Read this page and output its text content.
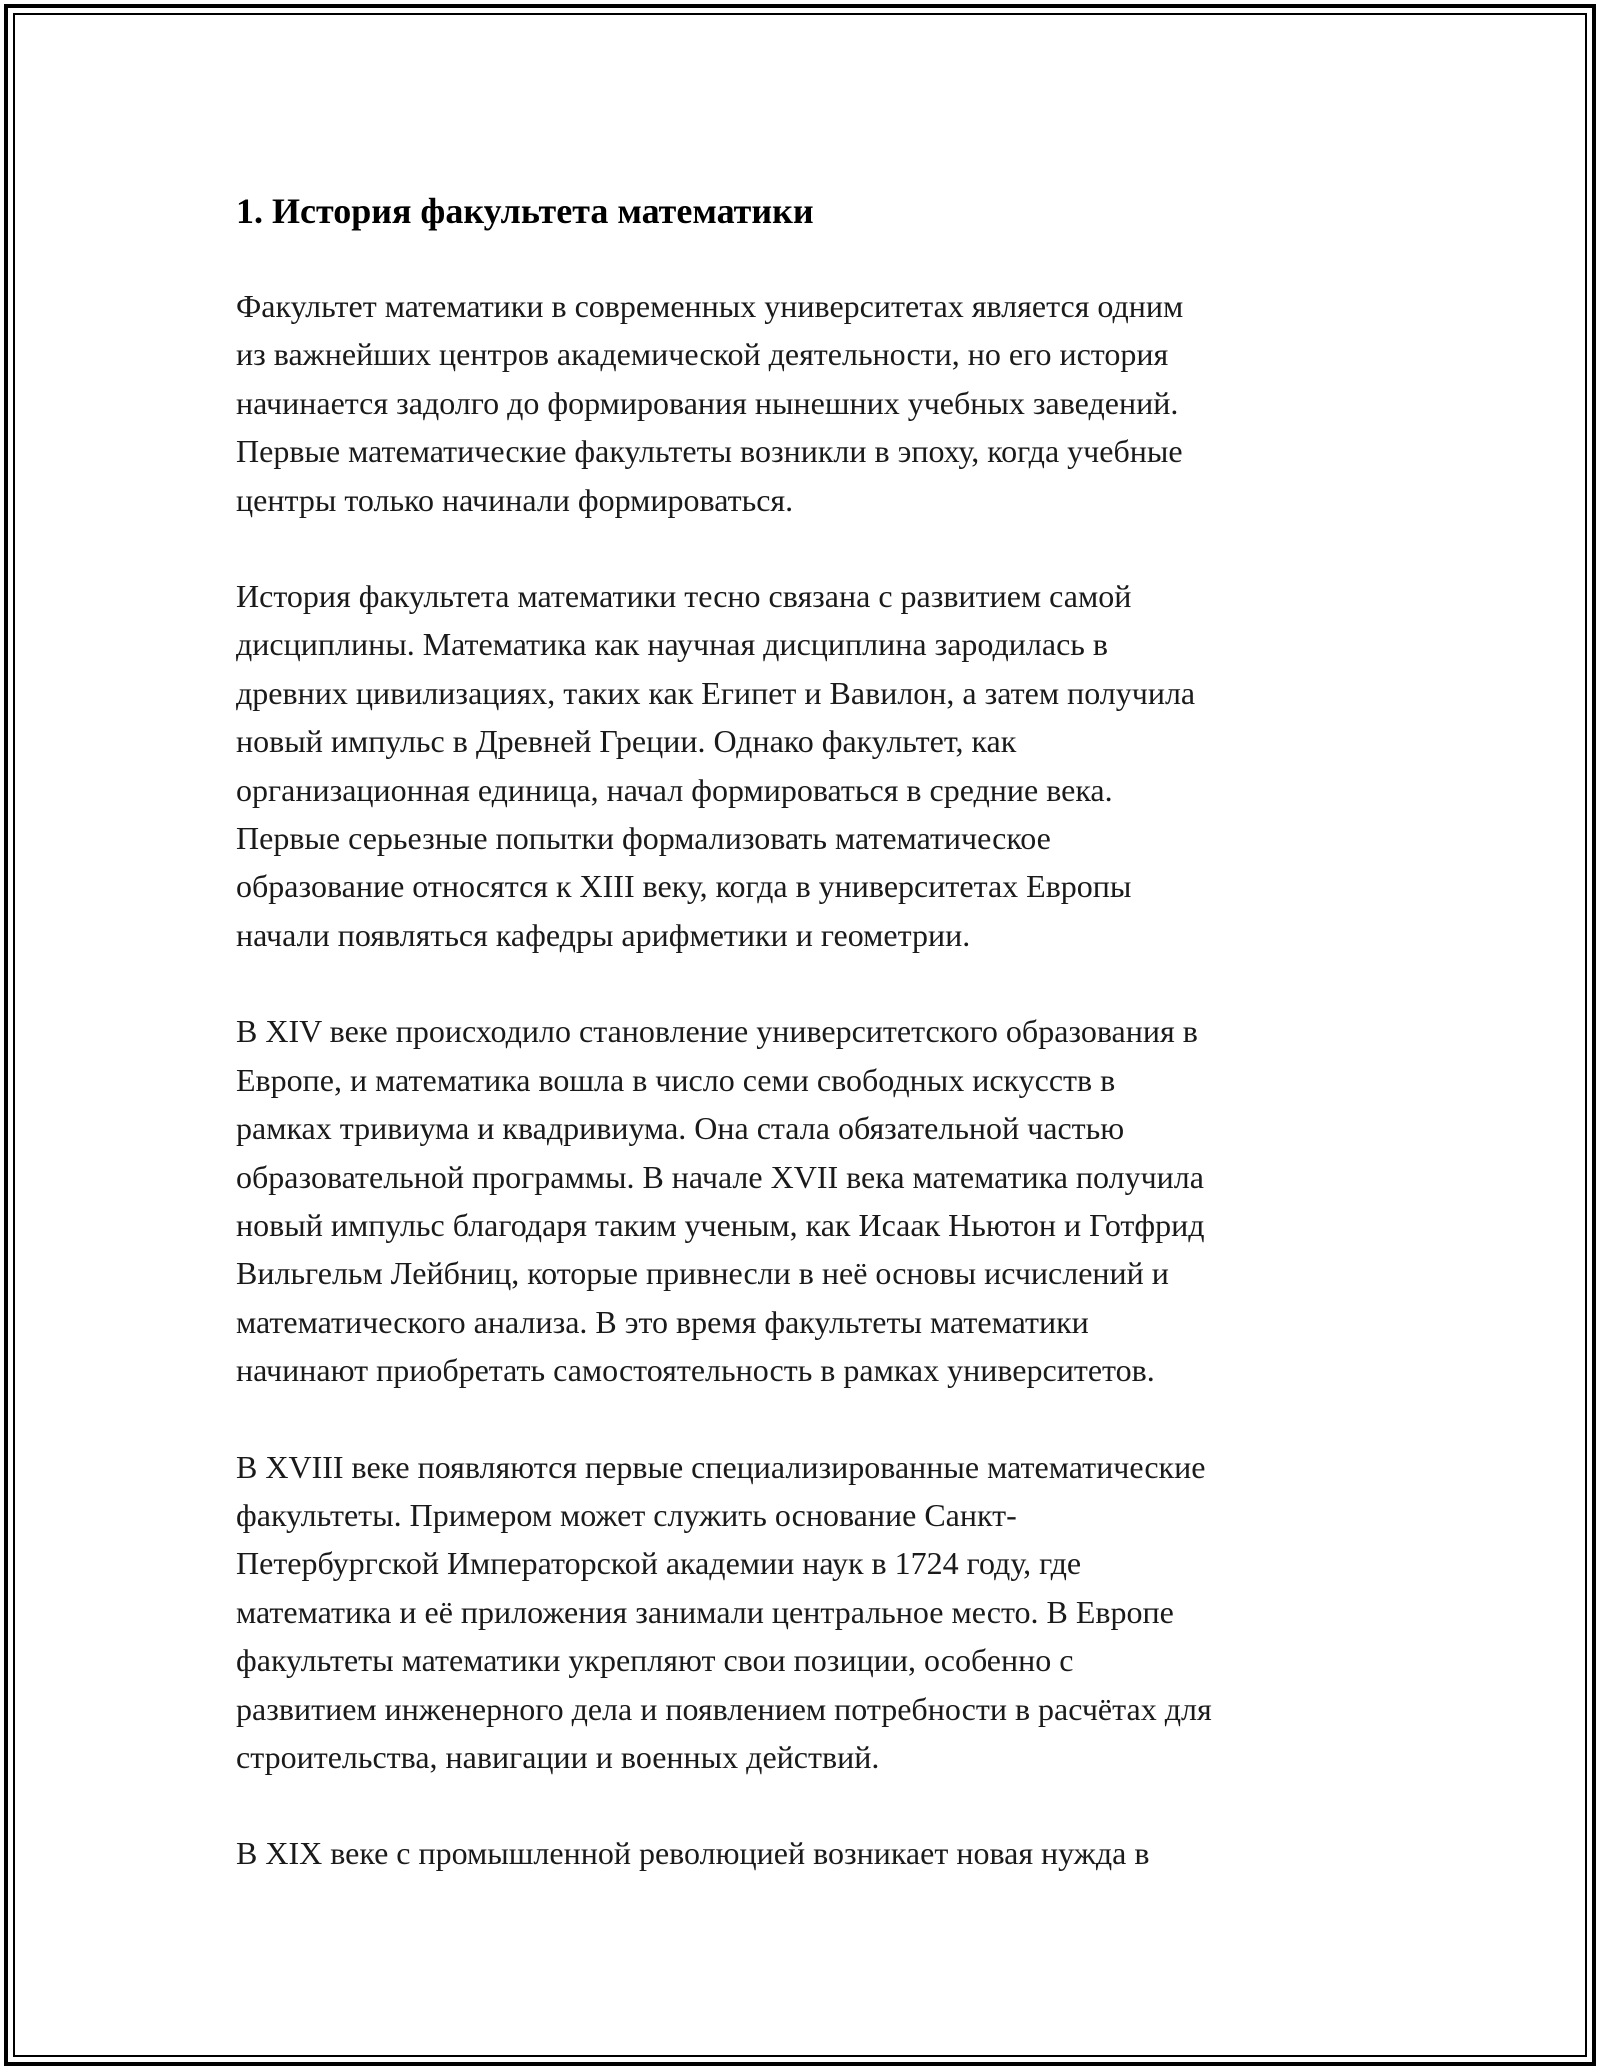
1. История факультета математики

Факультет математики в современных университетах является одним
из важнейших центров академической деятельности, но его история
начинается задолго до формирования нынешних учебных заведений.
Первые математические факультеты возникли в эпоху, когда учебные
центры только начинали формироваться.

История факультета математики тесно связана с развитием самой
дисциплины. Математика как научная дисциплина зародилась в
древних цивилизациях, таких как Египет и Вавилон, а затем получила
новый импульс в Древней Греции. Однако факультет, как
организационная единица, начал формироваться в средние века.
Первые серьезные попытки формализовать математическое
образование относятся к XIII веку, когда в университетах Европы
начали появляться кафедры арифметики и геометрии.

В XIV веке происходило становление университетского образования в
Европе, и математика вошла в число семи свободных искусств в
рамках тривиума и квадривиума. Она стала обязательной частью
образовательной программы. В начале XVII века математика получила
новый импульс благодаря таким ученым, как Исаак Ньютон и Готфрид
Вильгельм Лейбниц, которые привнесли в неё основы исчислений и
математического анализа. В это время факультеты математики
начинают приобретать самостоятельность в рамках университетов.

В XVIII веке появляются первые специализированные математические
факультеты. Примером может служить основание Санкт-
Петербургской Императорской академии наук в 1724 году, где
математика и её приложения занимали центральное место. В Европе
факультеты математики укрепляют свои позиции, особенно с
развитием инженерного дела и появлением потребности в расчётах для
строительства, навигации и военных действий.

В XIX веке с промышленной революцией возникает новая нужда в
